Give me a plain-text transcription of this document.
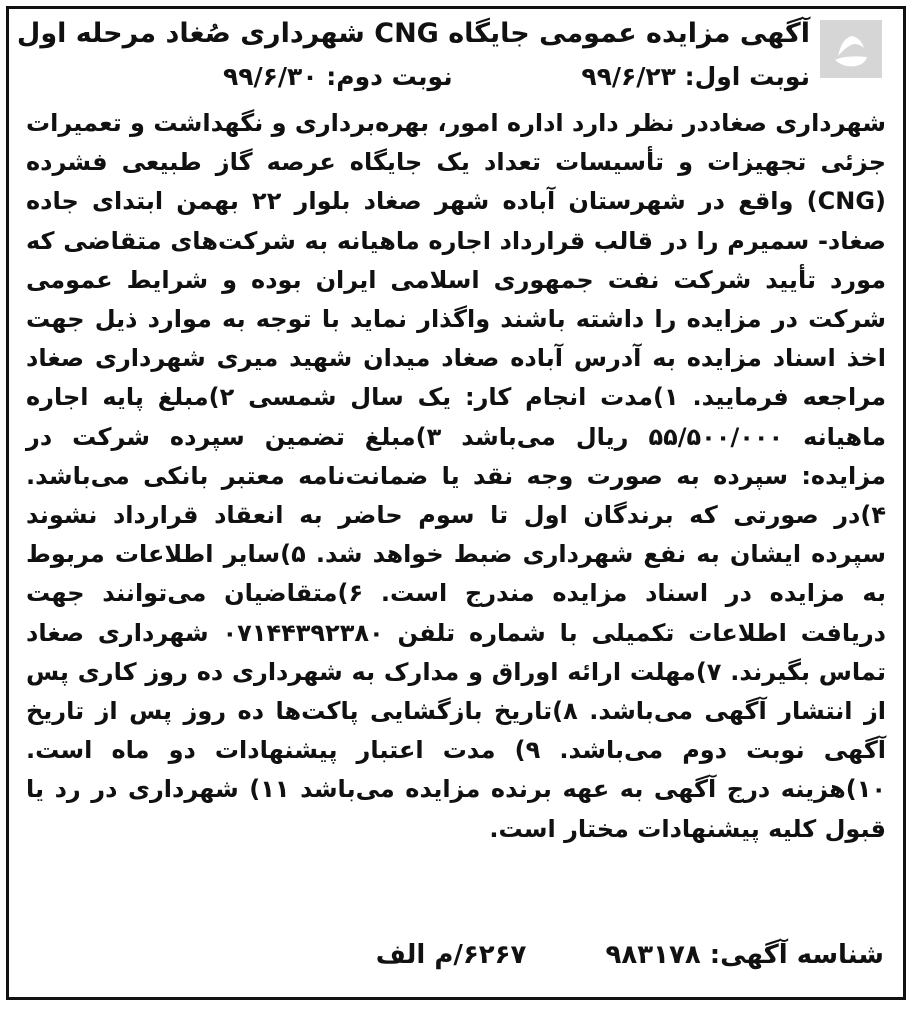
آگهی مزایده عمومی جایگاه CNG شهرداری صُغاد مرحله اول
نوبت اول: ۹۹/۶/۲۳ نوبت دوم: ۹۹/۶/۳۰
شهرداری صغاددر نظر دارد اداره امور، بهره‌برداری و نگهداشت و تعمیرات جزئی تجهیزات و تأسیسات تعداد یک جایگاه عرصه گاز طبیعی فشرده (CNG) واقع در شهرستان آباده شهر صغاد بلوار ۲۲ بهمن ابتدای جاده صغاد- سمیرم را در قالب قرارداد اجاره ماهیانه به شرکت‌های متقاضی که مورد تأیید شرکت نفت جمهوری اسلامی ایران بوده و شرایط عمومی شرکت در مزایده را داشته باشند واگذار نماید با توجه به موارد ذیل جهت اخذ اسناد مزایده به آدرس آباده صغاد میدان شهید میری شهرداری صغاد مراجعه فرمایید. ۱)مدت انجام کار: یک سال شمسی ۲)مبلغ پایه اجاره ماهیانه ۵۵/۵۰۰/۰۰۰ ریال می‌باشد ۳)مبلغ تضمین سپرده شرکت در مزایده: سپرده به صورت وجه نقد یا ضمانت‌نامه معتبر بانکی می‌باشد. ۴)در صورتی که برندگان اول تا سوم حاضر به انعقاد قرارداد نشوند سپرده ایشان به نفع شهرداری ضبط خواهد شد. ۵)سایر اطلاعات مربوط به مزایده در اسناد مزایده مندرج است. ۶)متقاضیان می‌توانند جهت دریافت اطلاعات تکمیلی با شماره تلفن ۰۷۱۴۴۳۹۲۳۸۰ شهرداری صغاد تماس بگیرند. ۷)مهلت ارائه اوراق و مدارک به شهرداری ده روز کاری پس از انتشار آگهی می‌باشد. ۸)تاریخ بازگشایی پاکت‌ها ده روز پس از تاریخ آگهی نوبت دوم می‌باشد. ۹) مدت اعتبار پیشنهادات دو ماه است. ۱۰)هزینه درج آگهی به عهه برنده مزایده می‌باشد ۱۱) شهرداری در رد یا قبول کلیه پیشنهادات مختار است.
شناسه آگهی: ۹۸۳۱۷۸ ۶۲۶۷/م الف
